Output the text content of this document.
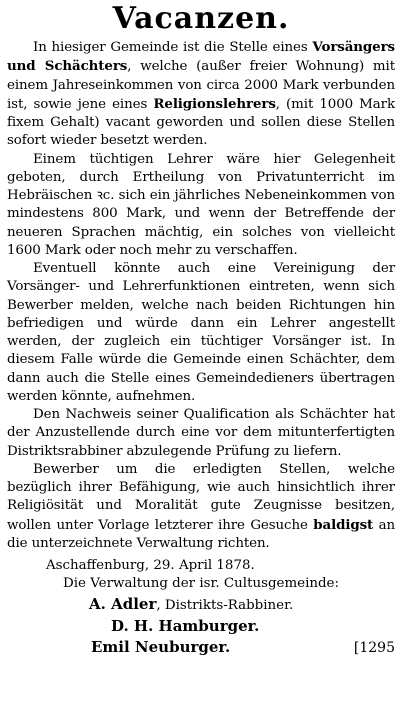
Vacanzen.

In hiesiger Gemeinde ist die Stelle eines Vorsängers und Schächters, welche (außer freier Wohnung) mit einem Jahreseinkommen von circa 2000 Mark verbunden ist, sowie jene eines Religionslehrers, (mit 1000 Mark fixem Gehalt) vacant geworden und sollen diese Stellen sofort wieder besetzt werden.

Einem tüchtigen Lehrer wäre hier Gelegenheit geboten, durch Ertheilung von Privatunterricht im Hebräischen ꝛc. sich ein jährliches Nebeneinkommen von mindestens 800 Mark, und wenn der Betreffende der neueren Sprachen mächtig, ein solches von vielleicht 1600 Mark oder noch mehr zu verschaffen.

Eventuell könnte auch eine Vereinigung der Vorsänger- und Lehrerfunktionen eintreten, wenn sich Bewerber melden, welche nach beiden Richtungen hin befriedigen und würde dann ein Lehrer angestellt werden, der zugleich ein tüchtiger Vorsänger ist. In diesem Falle würde die Gemeinde einen Schächter, dem dann auch die Stelle eines Gemeindedieners übertragen werden könnte, aufnehmen.

Den Nachweis seiner Qualification als Schächter hat der Anzustellende durch eine vor dem mitunterfertigten Distriktsrabbiner abzulegende Prüfung zu liefern.

Bewerber um die erledigten Stellen, welche bezüglich ihrer Befähigung, wie auch hinsichtlich ihrer Religiösität und Moralität gute Zeugnisse besitzen, wollen unter Vorlage letzterer ihre Gesuche baldigst an die unterzeichnete Verwaltung richten.

Aschaffenburg, 29. April 1878.

Die Verwaltung der isr. Cultusgemeinde:

A. Adler, Distrikts-Rabbiner.

D. H. Hamburger.

Emil Neuburger.	[1295
